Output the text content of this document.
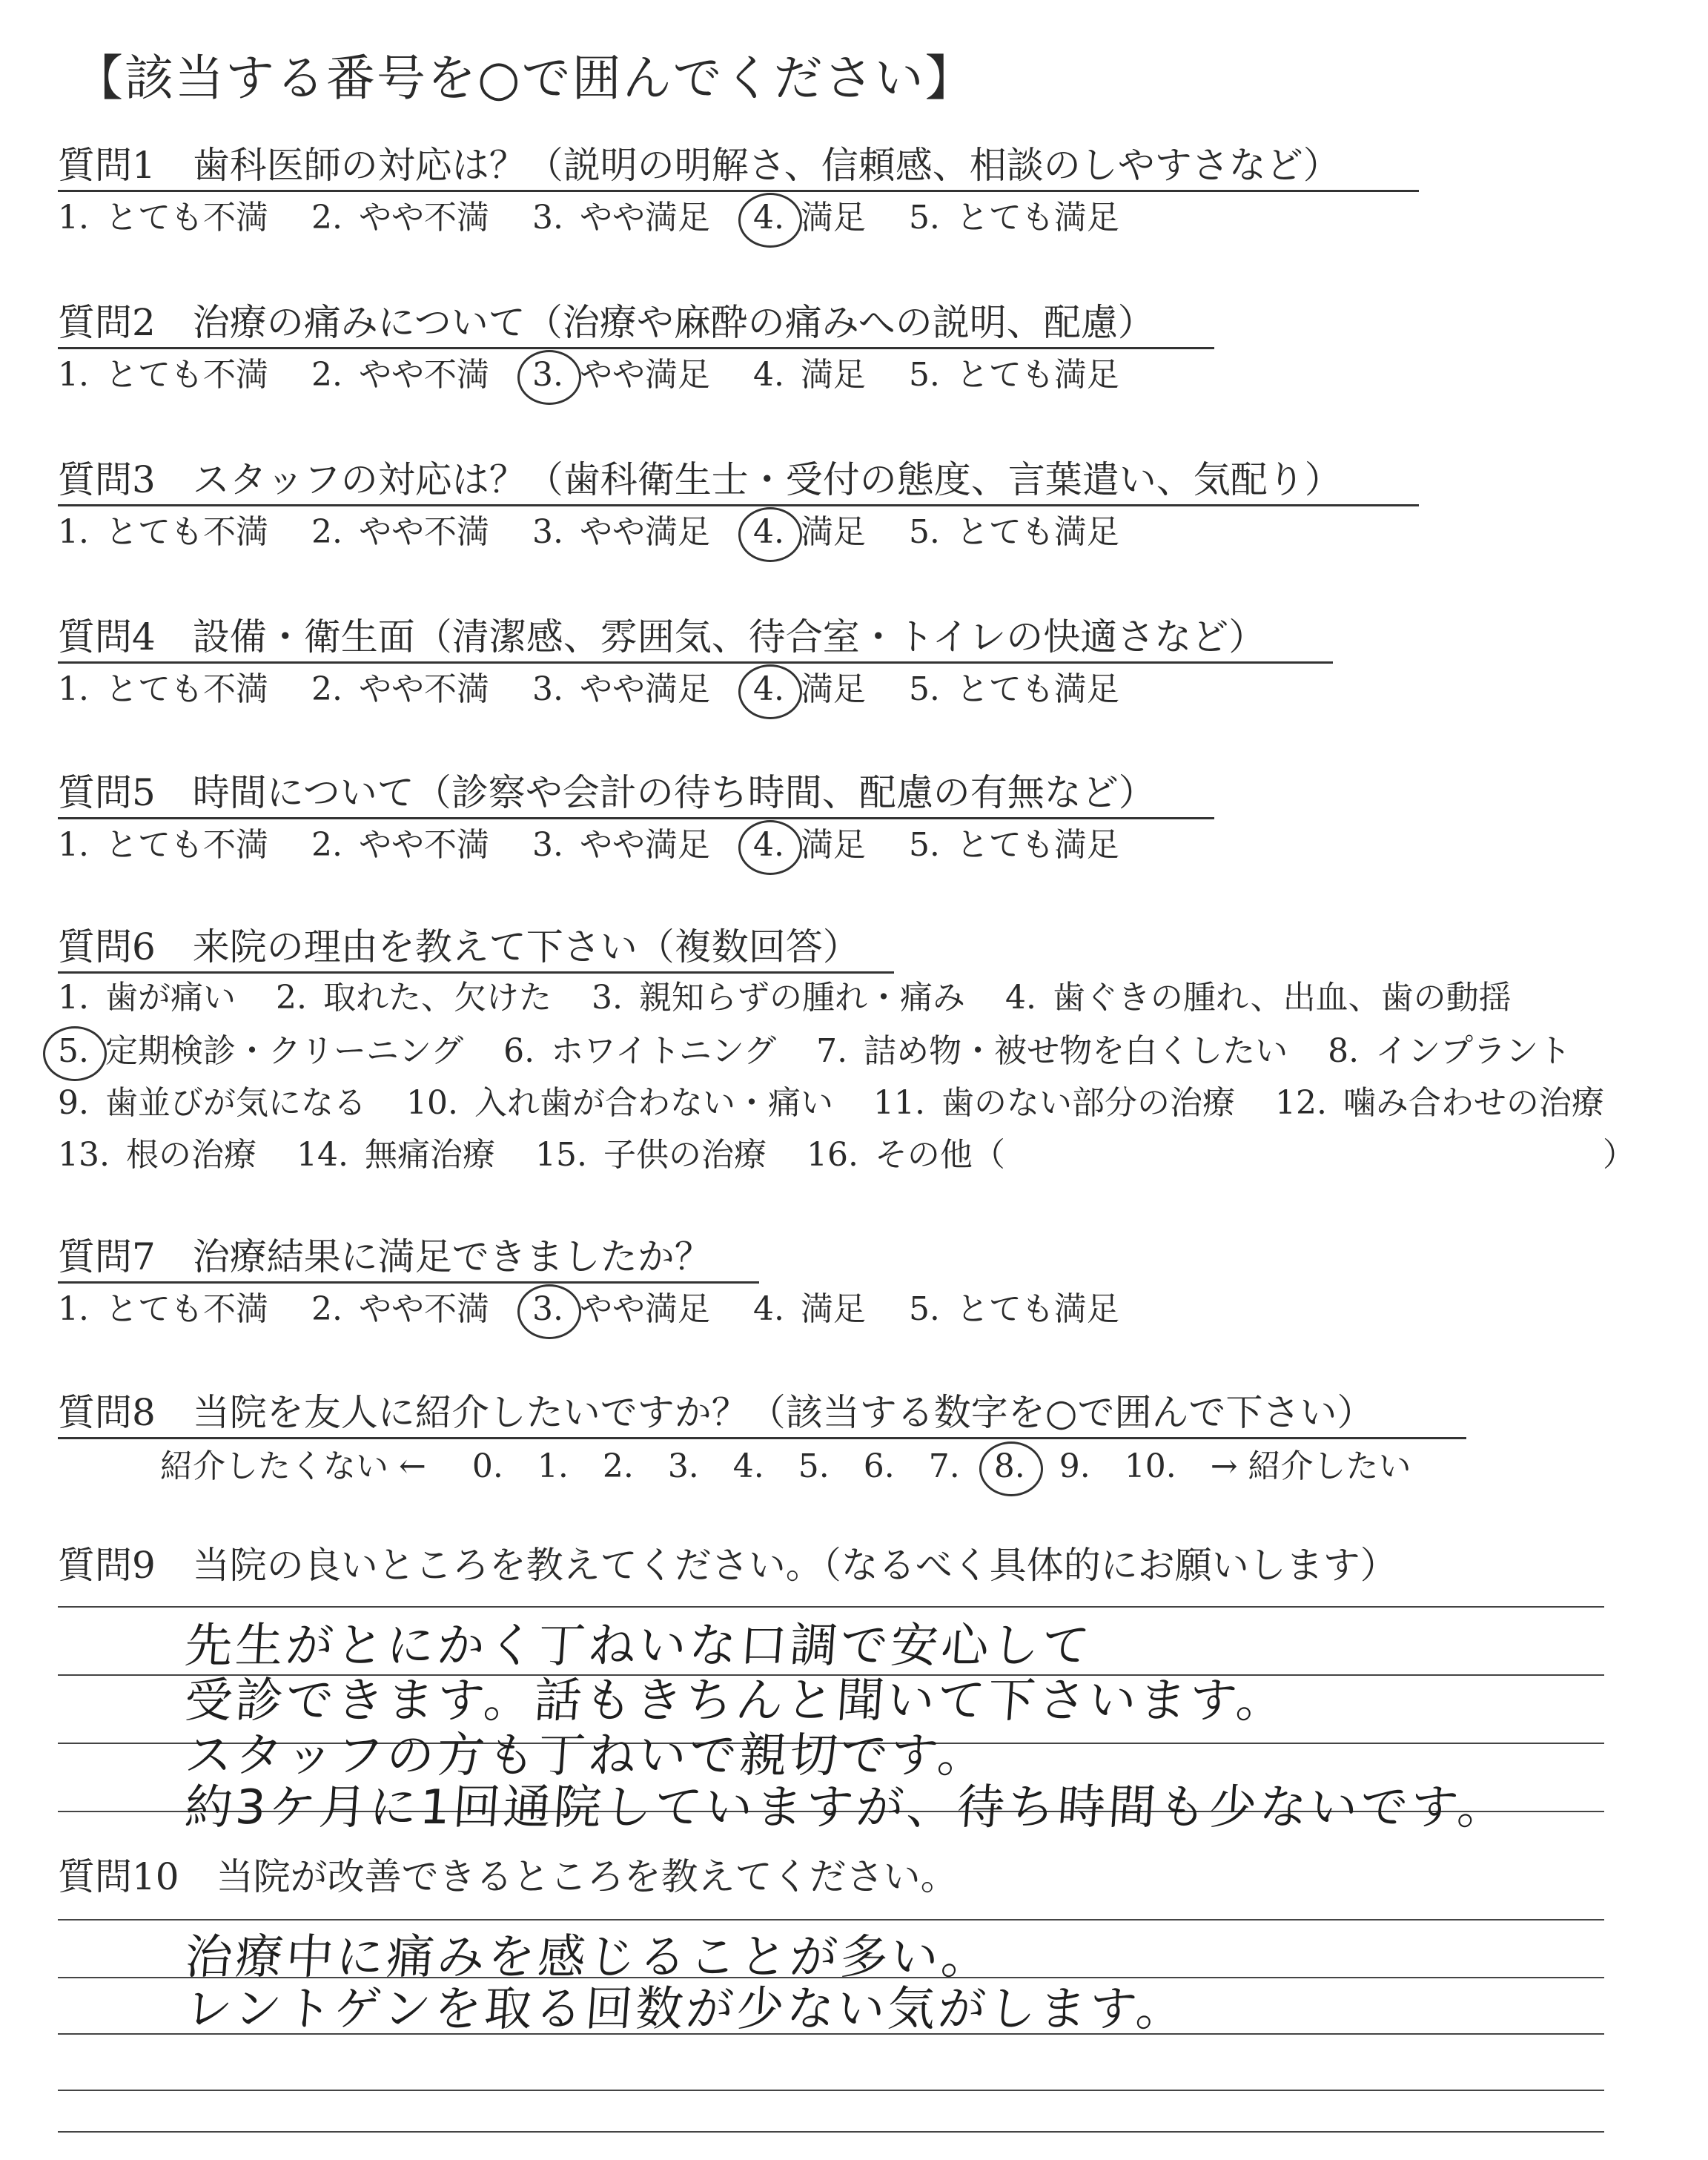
【該当する番号を○で囲んでください】
質問1　歯科医師の対応は？（説明の明解さ、信頼感、相談のしやすさなど）
1. とても不満 2. やや不満 3. やや満足 4. 満足 5. とても満足
質問2　治療の痛みについて（治療や麻酔の痛みへの説明、配慮）
1. とても不満 2. やや不満 3. やや満足 4. 満足 5. とても満足
質問3　スタッフの対応は？（歯科衛生士・受付の態度、言葉遣い、気配り）
1. とても不満 2. やや不満 3. やや満足 4. 満足 5. とても満足
質問4　設備・衛生面（清潔感、雰囲気、待合室・トイレの快適さなど）
1. とても不満 2. やや不満 3. やや満足 4. 満足 5. とても満足
質問5　時間について（診察や会計の待ち時間、配慮の有無など）
1. とても不満 2. やや不満 3. やや満足 4. 満足 5. とても満足
質問6　来院の理由を教えて下さい（複数回答）
1. 歯が痛い 2. 取れた、欠けた 3. 親知らずの腫れ・痛み 4. 歯ぐきの腫れ、出血、歯の動揺
5. 定期検診・クリーニング 6. ホワイトニング 7. 詰め物・被せ物を白くしたい 8. インプラント
9. 歯並びが気になる 10. 入れ歯が合わない・痛い 11. 歯のない部分の治療 12. 噛み合わせの治療
13. 根の治療 14. 無痛治療 15. 子供の治療 16. その他（	）
質問7　治療結果に満足できましたか？
1. とても不満 2. やや不満 3. やや満足 4. 満足 5. とても満足
質問8　当院を友人に紹介したいですか？（該当する数字を○で囲んで下さい）
紹介したくない ← 0. 1. 2. 3. 4. 5. 6. 7. 8. 9. 10. → 紹介したい
質問9　当院の良いところを教えてください。（なるべく具体的にお願いします）
先生がとにかく丁ねいな口調で安心して
受診できます。話もきちんと聞いて下さいます。
スタッフの方も丁ねいで親切です。
約3ケ月に1回通院していますが、待ち時間も少ないです。
質問10　当院が改善できるところを教えてください。
治療中に痛みを感じることが多い。
レントゲンを取る回数が少ない気がします。
